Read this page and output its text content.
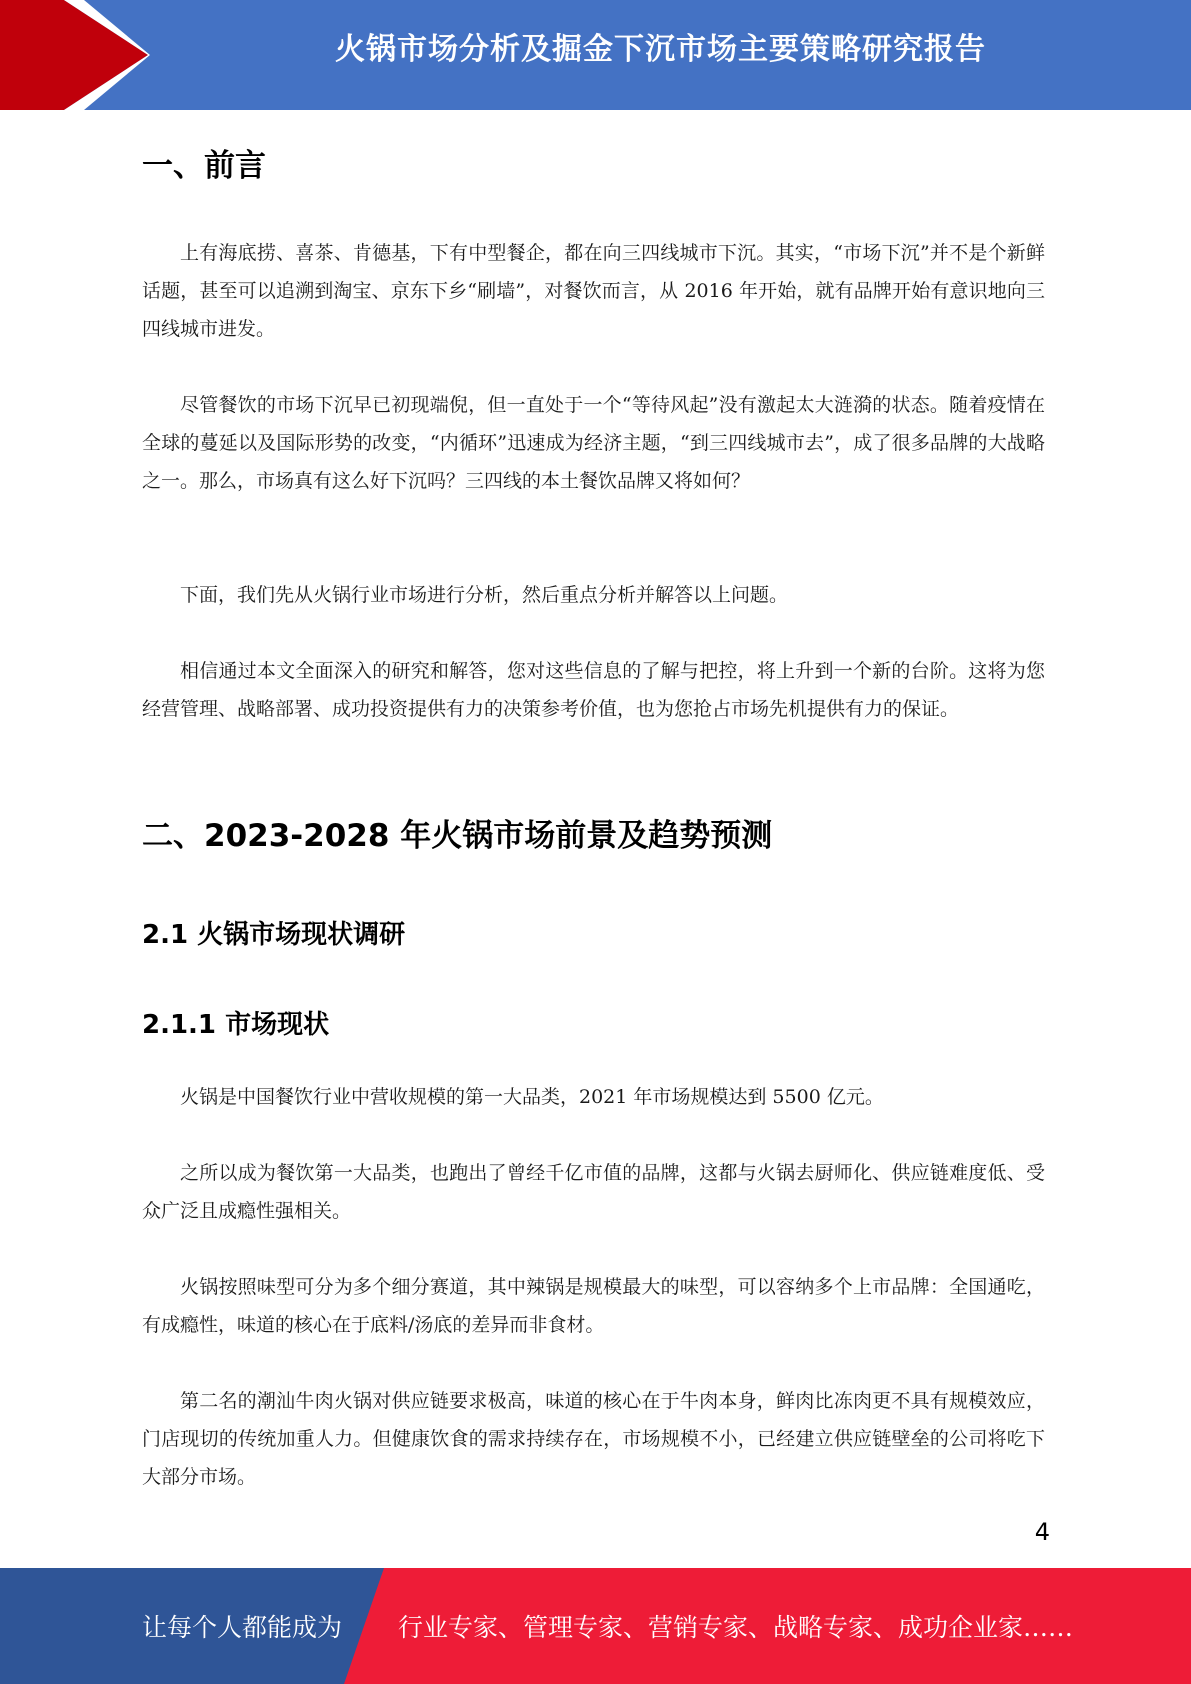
火锅市场分析及掘金下沉市场主要策略研究报告
一、前言

上有海底捞、喜茶、肯德基，下有中型餐企，都在向三四线城市下沉。其实，“市场下沉”并不是个新鲜话题，甚至可以追溯到淘宝、京东下乡“刷墙”，对餐饮而言，从 2016 年开始，就有品牌开始有意识地向三四线城市进发。

尽管餐饮的市场下沉早已初现端倪，但一直处于一个“等待风起”没有激起太大涟漪的状态。随着疫情在全球的蔓延以及国际形势的改变，“内循环”迅速成为经济主题，“到三四线城市去”，成了很多品牌的大战略之一。那么，市场真有这么好下沉吗？三四线的本土餐饮品牌又将如何？

下面，我们先从火锅行业市场进行分析，然后重点分析并解答以上问题。

相信通过本文全面深入的研究和解答，您对这些信息的了解与把控，将上升到一个新的台阶。这将为您经营管理、战略部署、成功投资提供有力的决策参考价值，也为您抢占市场先机提供有力的保证。

二、2023-2028 年火锅市场前景及趋势预测
2.1 火锅市场现状调研
2.1.1 市场现状

火锅是中国餐饮行业中营收规模的第一大品类，2021 年市场规模达到 5500 亿元。

之所以成为餐饮第一大品类，也跑出了曾经千亿市值的品牌，这都与火锅去厨师化、供应链难度低、受众广泛且成瘾性强相关。

火锅按照味型可分为多个细分赛道，其中辣锅是规模最大的味型，可以容纳多个上市品牌：全国通吃，有成瘾性，味道的核心在于底料/汤底的差异而非食材。

第二名的潮汕牛肉火锅对供应链要求极高，味道的核心在于牛肉本身，鲜肉比冻肉更不具有规模效应，门店现切的传统加重人力。但健康饮食的需求持续存在，市场规模不小，已经建立供应链壁垒的公司将吃下大部分市场。

4
让每个人都能成为 行业专家、管理专家、营销专家、战略专家、成功企业家……
